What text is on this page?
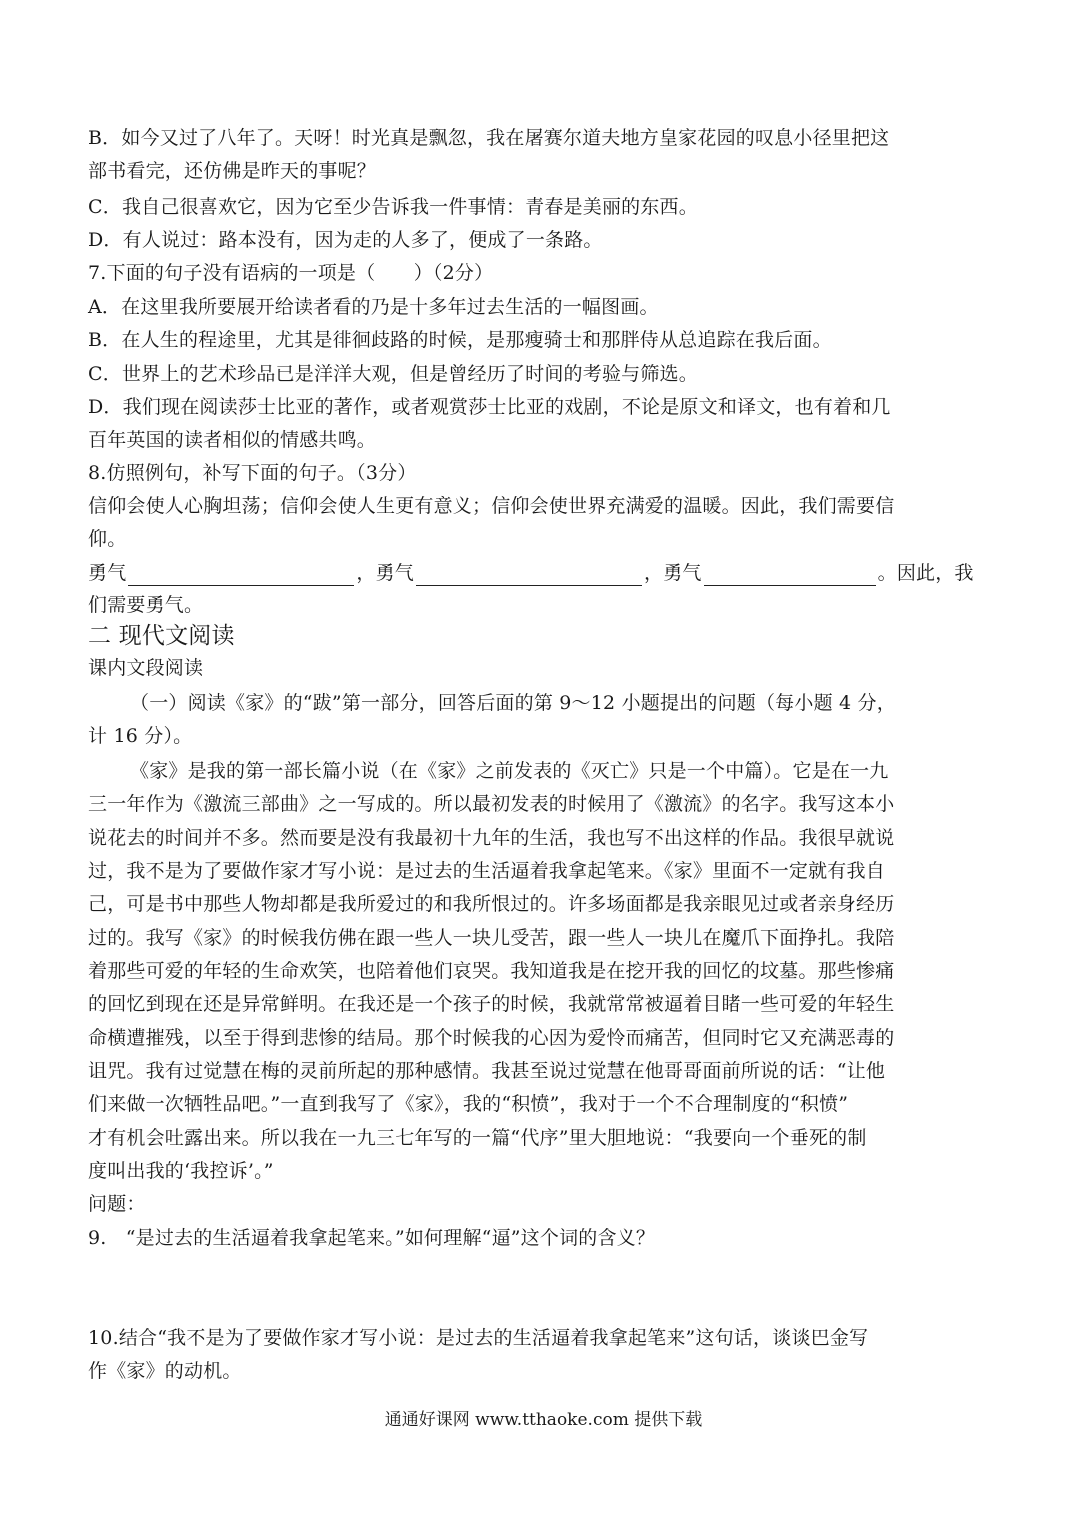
B．如今又过了八年了。天呀！时光真是飘忽，我在屠赛尔道夫地方皇家花园的叹息小径里把这
部书看完，还仿佛是昨天的事呢？
C．我自己很喜欢它，因为它至少告诉我一件事情：青春是美丽的东西。
D．有人说过：路本没有，因为走的人多了，便成了一条路。
7.下面的句子没有语病的一项是（　　）（2分）
A．在这里我所要展开给读者看的乃是十多年过去生活的一幅图画。
B．在人生的程途里，尤其是徘徊歧路的时候，是那瘦骑士和那胖侍从总追踪在我后面。
C．世界上的艺术珍品已是洋洋大观，但是曾经历了时间的考验与筛选。
D．我们现在阅读莎士比亚的著作，或者观赏莎士比亚的戏剧，不论是原文和译文，也有着和几
百年英国的读者相似的情感共鸣。
8.仿照例句，补写下面的句子。（3分）
信仰会使人心胸坦荡；信仰会使人生更有意义；信仰会使世界充满爱的温暖。因此，我们需要信
仰。
勇气	，勇气	，勇气	。因此，我
们需要勇气。
二 现代文阅读
课内文段阅读
（一）阅读《家》的“跋”第一部分，回答后面的第 9～12 小题提出的问题（每小题 4 分，
计 16 分）。
《家》是我的第一部长篇小说（在《家》之前发表的《灭亡》只是一个中篇）。它是在一九
三一年作为《激流三部曲》之一写成的。所以最初发表的时候用了《激流》的名字。我写这本小
说花去的时间并不多。然而要是没有我最初十九年的生活，我也写不出这样的作品。我很早就说
过，我不是为了要做作家才写小说：是过去的生活逼着我拿起笔来。《家》里面不一定就有我自
己，可是书中那些人物却都是我所爱过的和我所恨过的。许多场面都是我亲眼见过或者亲身经历
过的。我写《家》的时候我仿佛在跟一些人一块儿受苦，跟一些人一块儿在魔爪下面挣扎。我陪
着那些可爱的年轻的生命欢笑，也陪着他们哀哭。我知道我是在挖开我的回忆的坟墓。那些惨痛
的回忆到现在还是异常鲜明。在我还是一个孩子的时候，我就常常被逼着目睹一些可爱的年轻生
命横遭摧残，以至于得到悲惨的结局。那个时候我的心因为爱怜而痛苦，但同时它又充满恶毒的
诅咒。我有过觉慧在梅的灵前所起的那种感情。我甚至说过觉慧在他哥哥面前所说的话：“让他
们来做一次牺牲品吧。”一直到我写了《家》，我的“积愤”，我对于一个不合理制度的“积愤”
才有机会吐露出来。所以我在一九三七年写的一篇“代序”里大胆地说：“我要向一个垂死的制
度叫出我的‘我控诉’。”
问题：
9.　“是过去的生活逼着我拿起笔来。”如何理解“逼”这个词的含义？
10.结合“我不是为了要做作家才写小说：是过去的生活逼着我拿起笔来”这句话，谈谈巴金写
作《家》的动机。
通通好课网 www.tthaoke.com 提供下载
